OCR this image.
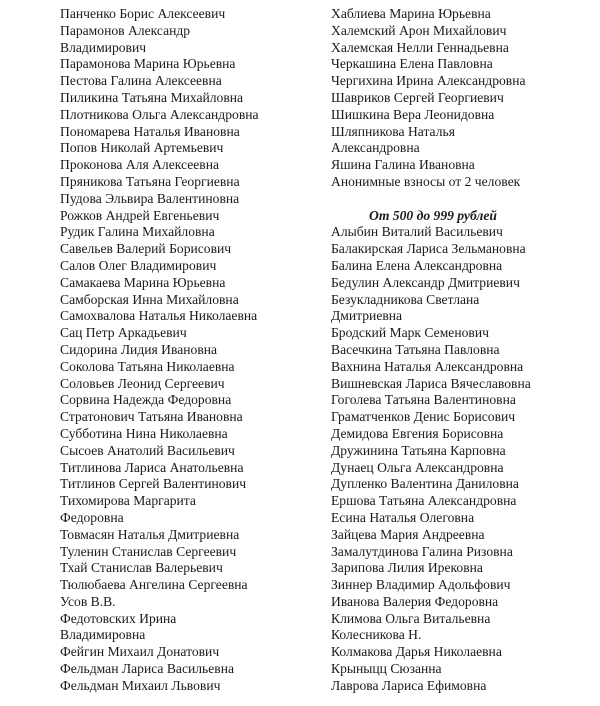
Панченко Борис Алексеевич
Парамонов Александр
Владимирович
Парамонова Марина Юрьевна
Пестова Галина Алексеевна
Пиликина Татьяна Михайловна
Плотникова Ольга Александровна
Пономарева Наталья Ивановна
Попов Николай Артемьевич
Проконова Аля Алексеевна
Пряникова Татьяна Георгиевна
Пудова Эльвира Валентиновна
Рожков Андрей Евгеньевич
Рудик Галина Михайловна
Савельев Валерий Борисович
Салов Олег Владимирович
Самакаева Марина Юрьевна
Самборская Инна Михайловна
Самохвалова Наталья Николаевна
Сац Петр Аркадьевич
Сидорина Лидия Ивановна
Соколова Татьяна Николаевна
Соловьев Леонид Сергеевич
Сорвина Надежда Федоровна
Стратонович Татьяна Ивановна
Субботина Нина Николаевна
Сысоев Анатолий Васильевич
Титлинова Лариса Анатольевна
Титлинов Сергей Валентинович
Тихомирова Маргарита
Федоровна
Товмасян Наталья Дмитриевна
Туленин Станислав Сергеевич
Тхай Станислав Валерьевич
Тюлюбаева Ангелина Сергеевна
Усов В.В.
Федотовских Ирина
Владимировна
Фейгин Михаил Донатович
Фельдман Лариса Васильевна
Фельдман Михаил Львович
Хаблиева Марина Юрьевна
Халемский Арон Михайлович
Халемская Нелли Геннадьевна
Черкашина Елена Павловна
Чергихина Ирина Александровна
Шавриков Сергей Георгиевич
Шишкина Вера Леонидовна
Шляпникова Наталья
Александровна
Яшина Галина Ивановна
Анонимные взносы от 2 человек
От 500 до 999 рублей
Алыбин Виталий Васильевич
Балакирская Лариса Зельмановна
Балина Елена Александровна
Бедулин Александр Дмитриевич
Безукладникова Светлана
Дмитриевна
Бродский Марк Семенович
Васечкина Татьяна Павловна
Вахнина Наталья Александровна
Вишневская Лариса Вячеславовна
Гоголева Татьяна Валентиновна
Граматченков Денис Борисович
Демидова Евгения Борисовна
Дружинина Татьяна Карповна
Дунаец Ольга Александровна
Дупленко Валентина Даниловна
Ершова Татьяна Александровна
Есина Наталья Олеговна
Зайцева Мария Андреевна
Замалутдинова Галина Ризовна
Зарипова Лилия Ирековна
Зиннер Владимир Адольфович
Иванова Валерия Федоровна
Климова Ольга Витальевна
Колесникова Н.
Колмакова Дарья Николаевна
Крыныцц Сюзанна
Лаврова Лариса Ефимовна
